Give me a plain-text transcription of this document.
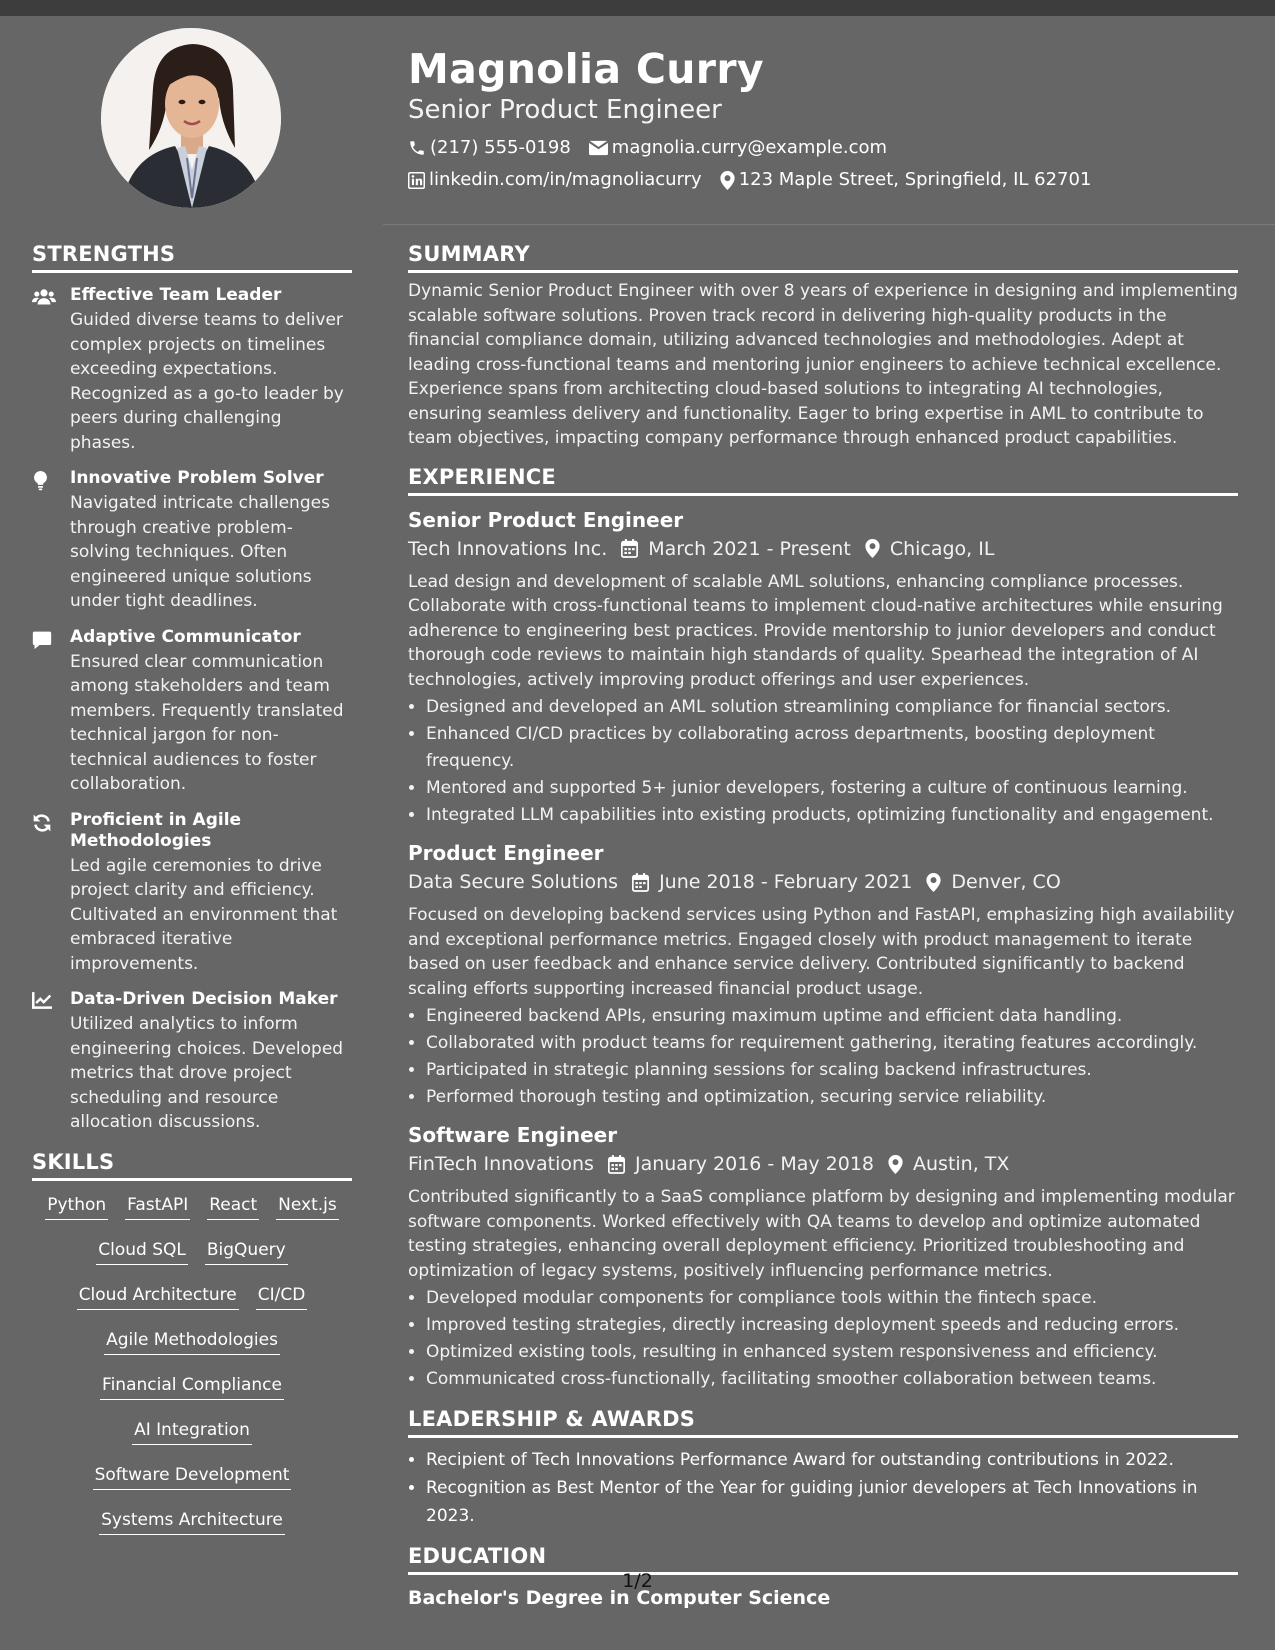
Magnolia Curry
Senior Product Engineer
(217) 555-0198 magnolia.curry@example.com
linkedin.com/in/magnoliacurry 123 Maple Street, Springfield, IL 62701
STRENGTHS
Effective Team Leader

Guided diverse teams to deliver complex projects on timelines exceeding expectations. Recognized as a go-to leader by peers during challenging phases.

Innovative Problem Solver

Navigated intricate challenges through creative problem-solving techniques. Often engineered unique solutions under tight deadlines.

Adaptive Communicator

Ensured clear communication among stakeholders and team members. Frequently translated technical jargon for non-technical audiences to foster collaboration.

Proficient in Agile Methodologies

Led agile ceremonies to drive project clarity and efficiency. Cultivated an environment that embraced iterative improvements.

Data-Driven Decision Maker

Utilized analytics to inform engineering choices. Developed metrics that drove project scheduling and resource allocation discussions.

SKILLS
Python FastAPI React Next.js
Cloud SQL BigQuery
Cloud Architecture CI/CD
Agile Methodologies
Financial Compliance
AI Integration
Software Development
Systems Architecture
SUMMARY

Dynamic Senior Product Engineer with over 8 years of experience in designing and implementing scalable software solutions. Proven track record in delivering high-quality products in the financial compliance domain, utilizing advanced technologies and methodologies. Adept at leading cross-functional teams and mentoring junior engineers to achieve technical excellence. Experience spans from architecting cloud-based solutions to integrating AI technologies, ensuring seamless delivery and functionality. Eager to bring expertise in AML to contribute to team objectives, impacting company performance through enhanced product capabilities.

EXPERIENCE
Senior Product Engineer
Tech Innovations Inc. March 2021 - Present Chicago, IL

Lead design and development of scalable AML solutions, enhancing compliance processes. Collaborate with cross-functional teams to implement cloud-native architectures while ensuring adherence to engineering best practices. Provide mentorship to junior developers and conduct thorough code reviews to maintain high standards of quality. Spearhead the integration of AI technologies, actively improving product offerings and user experiences.

• Designed and developed an AML solution streamlining compliance for financial sectors.
• Enhanced CI/CD practices by collaborating across departments, boosting deployment frequency.
• Mentored and supported 5+ junior developers, fostering a culture of continuous learning.
• Integrated LLM capabilities into existing products, optimizing functionality and engagement.
Product Engineer
Data Secure Solutions June 2018 - February 2021 Denver, CO

Focused on developing backend services using Python and FastAPI, emphasizing high availability and exceptional performance metrics. Engaged closely with product management to iterate based on user feedback and enhance service delivery. Contributed significantly to backend scaling efforts supporting increased financial product usage.

• Engineered backend APIs, ensuring maximum uptime and efficient data handling.
• Collaborated with product teams for requirement gathering, iterating features accordingly.
• Participated in strategic planning sessions for scaling backend infrastructures.
• Performed thorough testing and optimization, securing service reliability.
Software Engineer
FinTech Innovations January 2016 - May 2018 Austin, TX

Contributed significantly to a SaaS compliance platform by designing and implementing modular software components. Worked effectively with QA teams to develop and optimize automated testing strategies, enhancing overall deployment efficiency. Prioritized troubleshooting and optimization of legacy systems, positively influencing performance metrics.

• Developed modular components for compliance tools within the fintech space.
• Improved testing strategies, directly increasing deployment speeds and reducing errors.
• Optimized existing tools, resulting in enhanced system responsiveness and efficiency.
• Communicated cross-functionally, facilitating smoother collaboration between teams.
LEADERSHIP & AWARDS
• Recipient of Tech Innovations Performance Award for outstanding contributions in 2022.
• Recognition as Best Mentor of the Year for guiding junior developers at Tech Innovations in 2023.
EDUCATION
Bachelor's Degree in Computer Science
1/2
